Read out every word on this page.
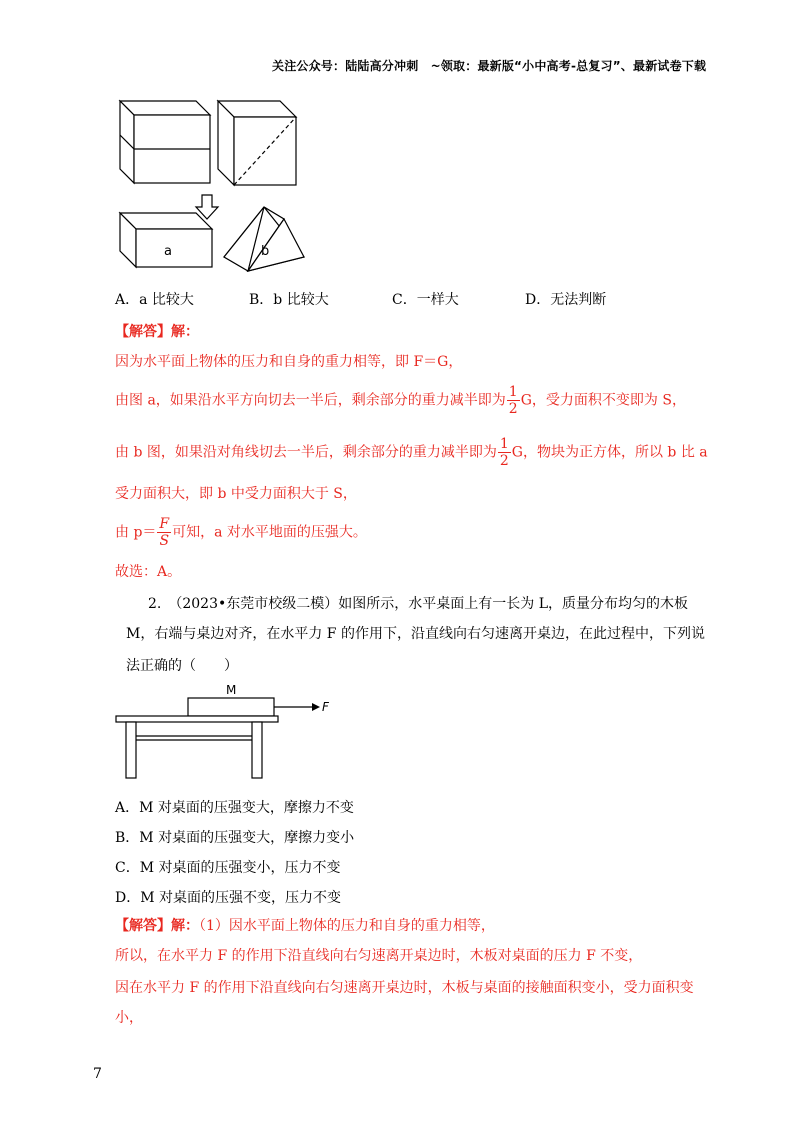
关注公众号：陆陆高分冲刺　~领取：最新版“小中高考-总复习”、最新试卷下载
a	b
A．a 比较大	B．b 比较大	C．一样大	D．无法判断
【解答】解：
因为水平面上物体的压力和自身的重力相等，即 F＝G，
由图 a，如果沿水平方向切去一半后，剩余部分的重力减半即为 $\frac{1}{2}$ G，受力面积不变即为 S，
由 b 图，如果沿对角线切去一半后，剩余部分的重力减半即为 $\frac{1}{2}$ G，物块为正方体，所以 b 比 a
受力面积大，即 b 中受力面积大于 S，
由 $p= \frac{F}{S}$ 可知，a 对水平地面的压强大。
故选：A。
2.　（2023•东莞市校级二模）如图所示，水平桌面上有一长为 L，质量分布均匀的木板
M，右端与桌边对齐，在水平力 F 的作用下，沿直线向右匀速离开桌边，在此过程中，下列说
法正确的（　　）
M
F
A．M 对桌面的压强变大，摩擦力不变
B．M 对桌面的压强变大，摩擦力变小
C．M 对桌面的压强变小，压力不变
D．M 对桌面的压强不变，压力不变
【解答】解：（1）因水平面上物体的压力和自身的重力相等，
所以，在水平力 F 的作用下沿直线向右匀速离开桌边时，木板对桌面的压力 F 不变，
因在水平力 F 的作用下沿直线向右匀速离开桌边时，木板与桌面的接触面积变小，受力面积变
小，
7
